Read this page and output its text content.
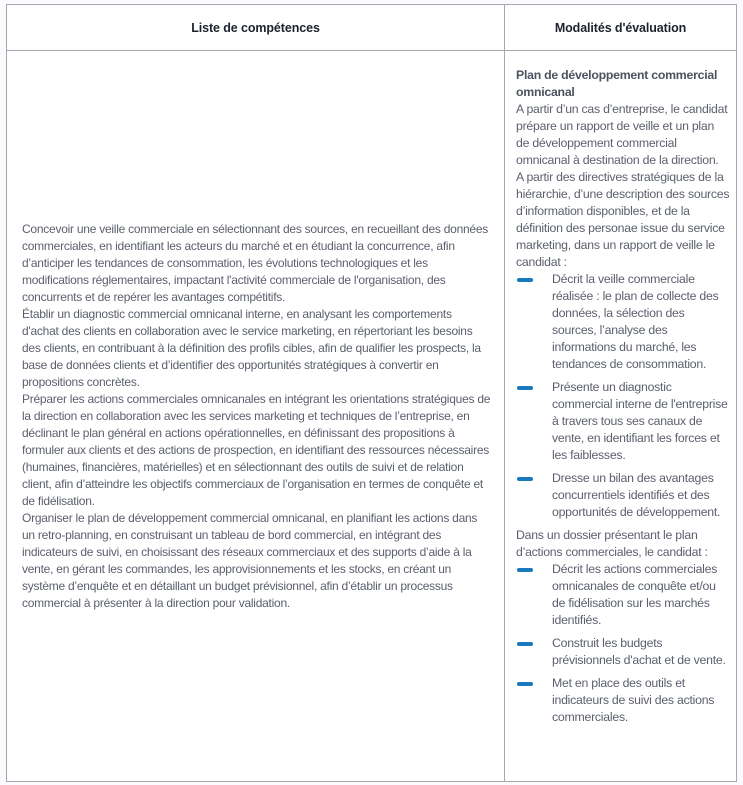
Liste de compétences	Modalités d'évaluation

Concevoir une veille commerciale en sélectionnant des sources, en recueillant des données commerciales, en identifiant les acteurs du marché et en étudiant la concurrence, afin d’anticiper les tendances de consommation, les évolutions technologiques et les modifications réglementaires, impactant l'activité commerciale de l'organisation, des concurrents et de repérer les avantages compétitifs.

Établir un diagnostic commercial omnicanal interne, en analysant les comportements d'achat des clients en collaboration avec le service marketing, en répertoriant les besoins des clients, en contribuant à la définition des profils cibles, afin de qualifier les prospects, la base de données clients et d’identifier des opportunités stratégiques à convertir en propositions concrètes.

Préparer les actions commerciales omnicanales en intégrant les orientations stratégiques de la direction en collaboration avec les services marketing et techniques de l’entreprise, en déclinant le plan général en actions opérationnelles, en définissant des propositions à formuler aux clients et des actions de prospection, en identifiant des ressources nécessaires (humaines, financières, matérielles) et en sélectionnant des outils de suivi et de relation client, afin d’atteindre les objectifs commerciaux de l’organisation en termes de conquête et de fidélisation.

Organiser le plan de développement commercial omnicanal, en planifiant les actions dans un retro-planning, en construisant un tableau de bord commercial, en intégrant des indicateurs de suivi, en choisissant des réseaux commerciaux et des supports d’aide à la vente, en gérant les commandes, les approvisionnements et les stocks, en créant un système d’enquête et en détaillant un budget prévisionnel, afin d’établir un processus commercial à présenter à la direction pour validation.

Plan de développement commercial omnicanal

A partir d’un cas d’entreprise, le candidat prépare un rapport de veille et un plan de développement commercial omnicanal à destination de la direction.

A partir des directives stratégiques de la hiérarchie, d’une description des sources d’information disponibles, et de la définition des personae issue du service marketing, dans un rapport de veille le candidat :

Décrit la veille commerciale réalisée : le plan de collecte des données, la sélection des sources, l’analyse des informations du marché, les tendances de consommation.
Présente un diagnostic commercial interne de l'entreprise à travers tous ses canaux de vente, en identifiant les forces et les faiblesses.
Dresse un bilan des avantages concurrentiels identifiés et des opportunités de développement.

Dans un dossier présentant le plan d’actions commerciales, le candidat :

Décrit les actions commerciales omnicanales de conquête et/ou de fidélisation sur les marchés identifiés.
Construit les budgets prévisionnels d'achat et de vente.
Met en place des outils et indicateurs de suivi des actions commerciales.
